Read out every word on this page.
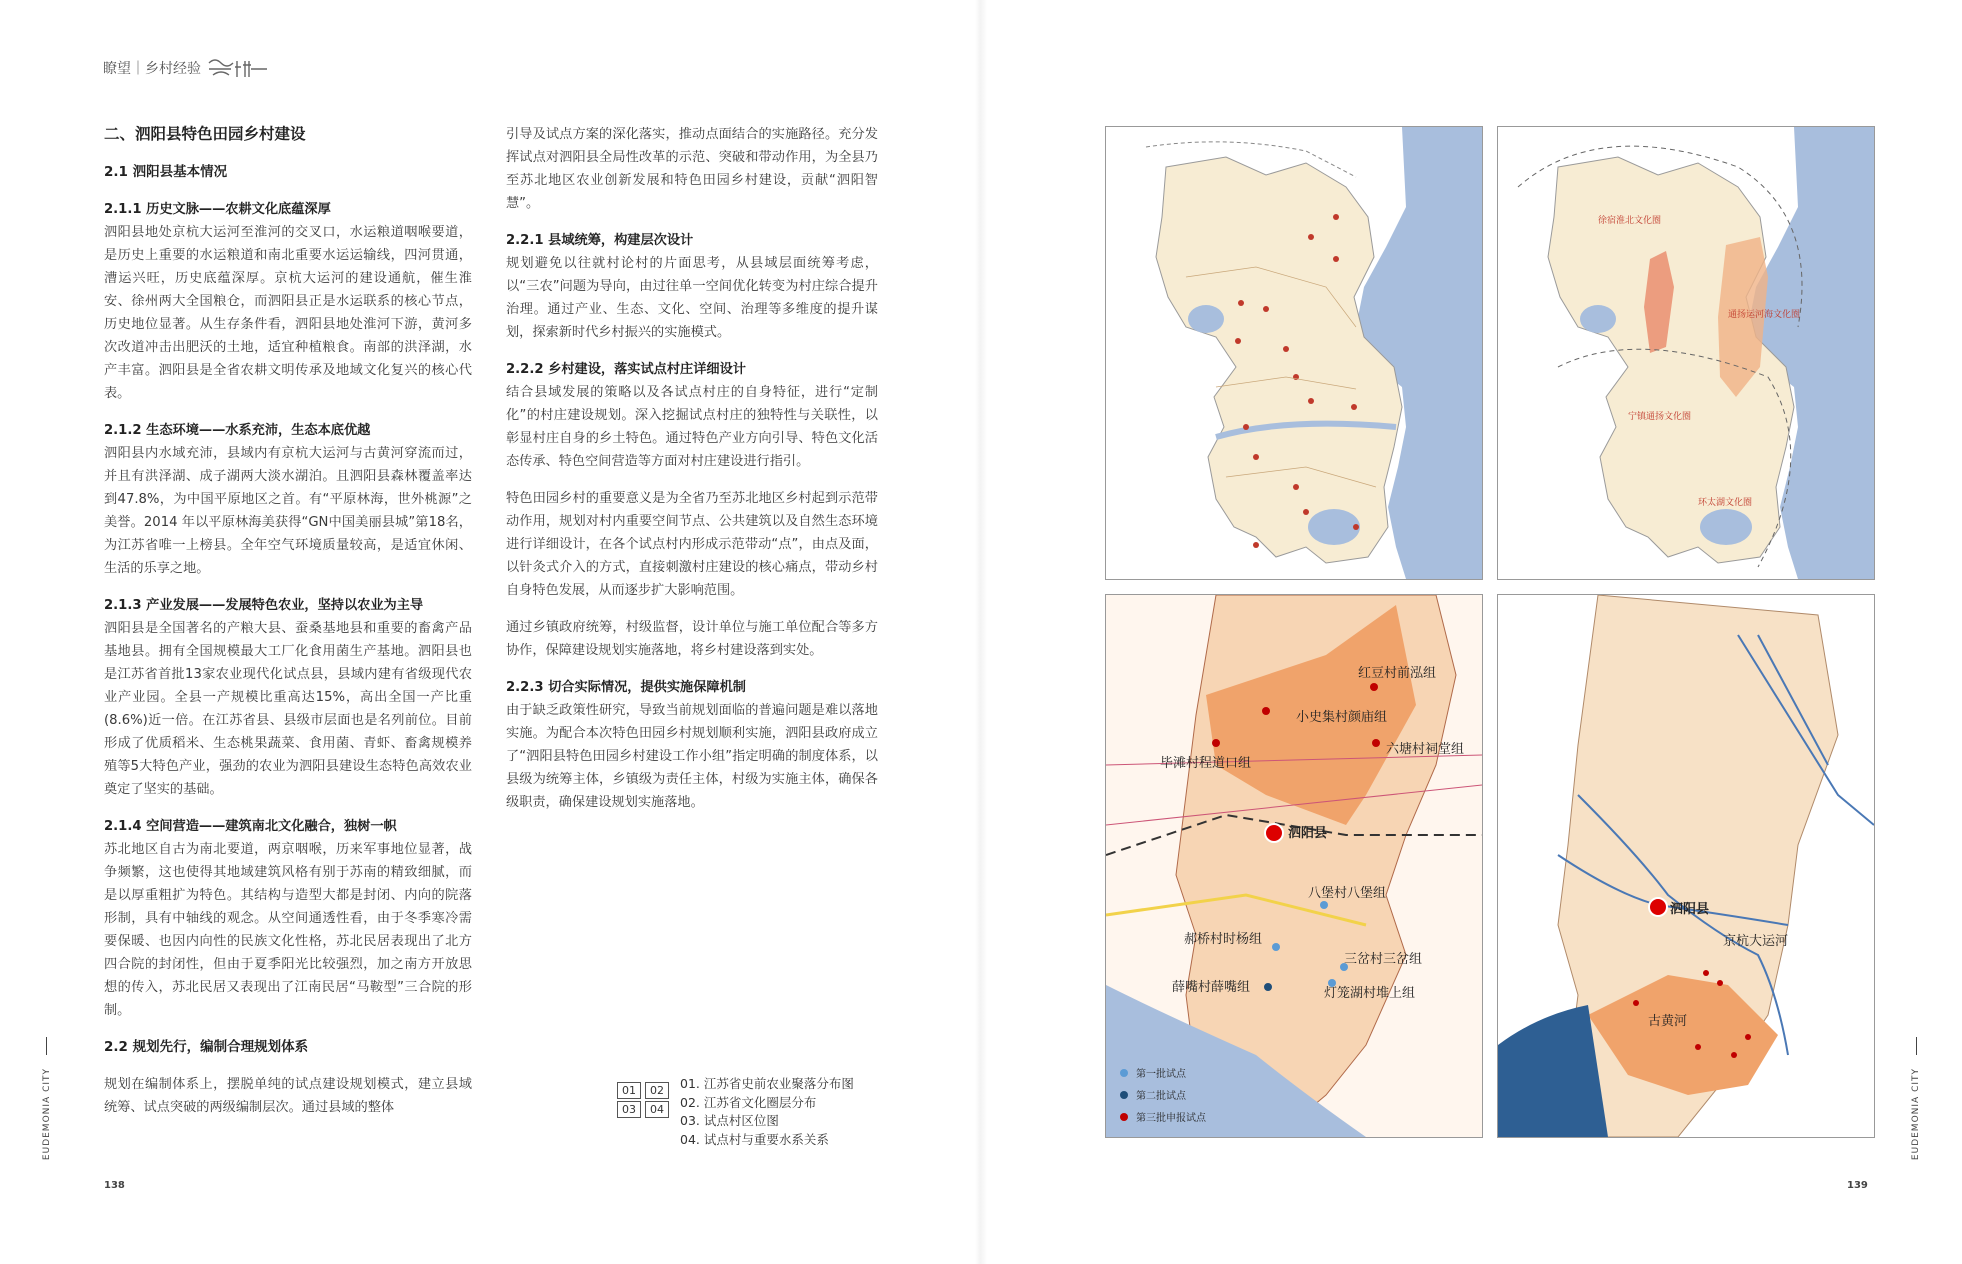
瞭望｜乡村经验
二、泗阳县特色田园乡村建设
2.1 泗阳县基本情况
2.1.1 历史文脉——农耕文化底蕴深厚

泗阳县地处京杭大运河至淮河的交叉口，水运粮道咽喉要道，是历史上重要的水运粮道和南北重要水运运输线，四河贯通，漕运兴旺，历史底蕴深厚。京杭大运河的建设通航，催生淮安、徐州两大全国粮仓，而泗阳县正是水运联系的核心节点，历史地位显著。从生存条件看，泗阳县地处淮河下游，黄河多次改道冲击出肥沃的土地，适宜种植粮食。南部的洪泽湖，水产丰富。泗阳县是全省农耕文明传承及地域文化复兴的核心代表。

2.1.2 生态环境——水系充沛，生态本底优越

泗阳县内水域充沛，县域内有京杭大运河与古黄河穿流而过，并且有洪泽湖、成子湖两大淡水湖泊。且泗阳县森林覆盖率达到47.8%，为中国平原地区之首。有“平原林海，世外桃源”之美誉。2014 年以平原林海美获得“GN中国美丽县城”第18名，为江苏省唯一上榜县。全年空气环境质量较高，是适宜休闲、生活的乐享之地。

2.1.3 产业发展——发展特色农业，坚持以农业为主导

泗阳县是全国著名的产粮大县、蚕桑基地县和重要的畜禽产品基地县。拥有全国规模最大工厂化食用菌生产基地。泗阳县也是江苏省首批13家农业现代化试点县，县域内建有省级现代农业产业园。全县一产规模比重高达15%，高出全国一产比重(8.6%)近一倍。在江苏省县、县级市层面也是名列前位。目前形成了优质稻米、生态桃果蔬菜、食用菌、青虾、畜禽规模养殖等5大特色产业，强劲的农业为泗阳县建设生态特色高效农业奠定了坚实的基础。

2.1.4 空间营造——建筑南北文化融合，独树一帜

苏北地区自古为南北要道，两京咽喉，历来军事地位显著，战争频繁，这也使得其地域建筑风格有别于苏南的精致细腻，而是以厚重粗扩为特色。其结构与造型大都是封闭、内向的院落形制，具有中轴线的观念。从空间通透性看，由于冬季寒冷需要保暖、也因内向性的民族文化性格，苏北民居表现出了北方四合院的封闭性，但由于夏季阳光比较强烈，加之南方开放思想的传入，苏北民居又表现出了江南民居“马鞍型”三合院的形制。

2.2 规划先行，编制合理规划体系

规划在编制体系上，摆脱单纯的试点建设规划模式，建立县域统筹、试点突破的两级编制层次。通过县域的整体

引导及试点方案的深化落实，推动点面结合的实施路径。充分发挥试点对泗阳县全局性改革的示范、突破和带动作用，为全县乃至苏北地区农业创新发展和特色田园乡村建设，贡献“泗阳智慧”。

2.2.1 县域统筹，构建层次设计

规划避免以往就村论村的片面思考，从县域层面统筹考虑，以“三农”问题为导向，由过往单一空间优化转变为村庄综合提升治理。通过产业、生态、文化、空间、治理等多维度的提升谋划，探索新时代乡村振兴的实施模式。

2.2.2 乡村建设，落实试点村庄详细设计

结合县域发展的策略以及各试点村庄的自身特征，进行“定制化”的村庄建设规划。深入挖掘试点村庄的独特性与关联性，以彰显村庄自身的乡土特色。通过特色产业方向引导、特色文化活态传承、特色空间营造等方面对村庄建设进行指引。

特色田园乡村的重要意义是为全省乃至苏北地区乡村起到示范带动作用，规划对村内重要空间节点、公共建筑以及自然生态环境进行详细设计，在各个试点村内形成示范带动“点”，由点及面，以针灸式介入的方式，直接刺激村庄建设的核心痛点，带动乡村自身特色发展，从而逐步扩大影响范围。

通过乡镇政府统筹，村级监督，设计单位与施工单位配合等多方协作，保障建设规划实施落地，将乡村建设落到实处。

2.2.3 切合实际情况，提供实施保障机制

由于缺乏政策性研究，导致当前规划面临的普遍问题是难以落地实施。为配合本次特色田园乡村规划顺利实施，泗阳县政府成立了“泗阳县特色田园乡村建设工作小组”指定明确的制度体系，以县级为统筹主体，乡镇级为责任主体，村级为实施主体，确保各级职责，确保建设规划实施落地。

01	02
03	04
01. 江苏省史前农业聚落分布图
02. 江苏省文化圈层分布
03. 试点村区位图
04. 试点村与重要水系关系
EUDEMONIA CITY
138
徐宿淮北文化圈
通扬运河海文化圈
宁镇通扬文化圈
环太湖文化圈
泗阳县
红豆村前泓组
小史集村颜庙组
六塘村祠堂组
毕滩村程道口组
八堡村八堡组
郝桥村时杨组
三岔村三岔组
薛嘴村薛嘴组	灯笼湖村堆上组
第一批试点
第二批试点
第三批申报试点
泗阳县
京杭大运河
古黄河
EUDEMONIA CITY
139
